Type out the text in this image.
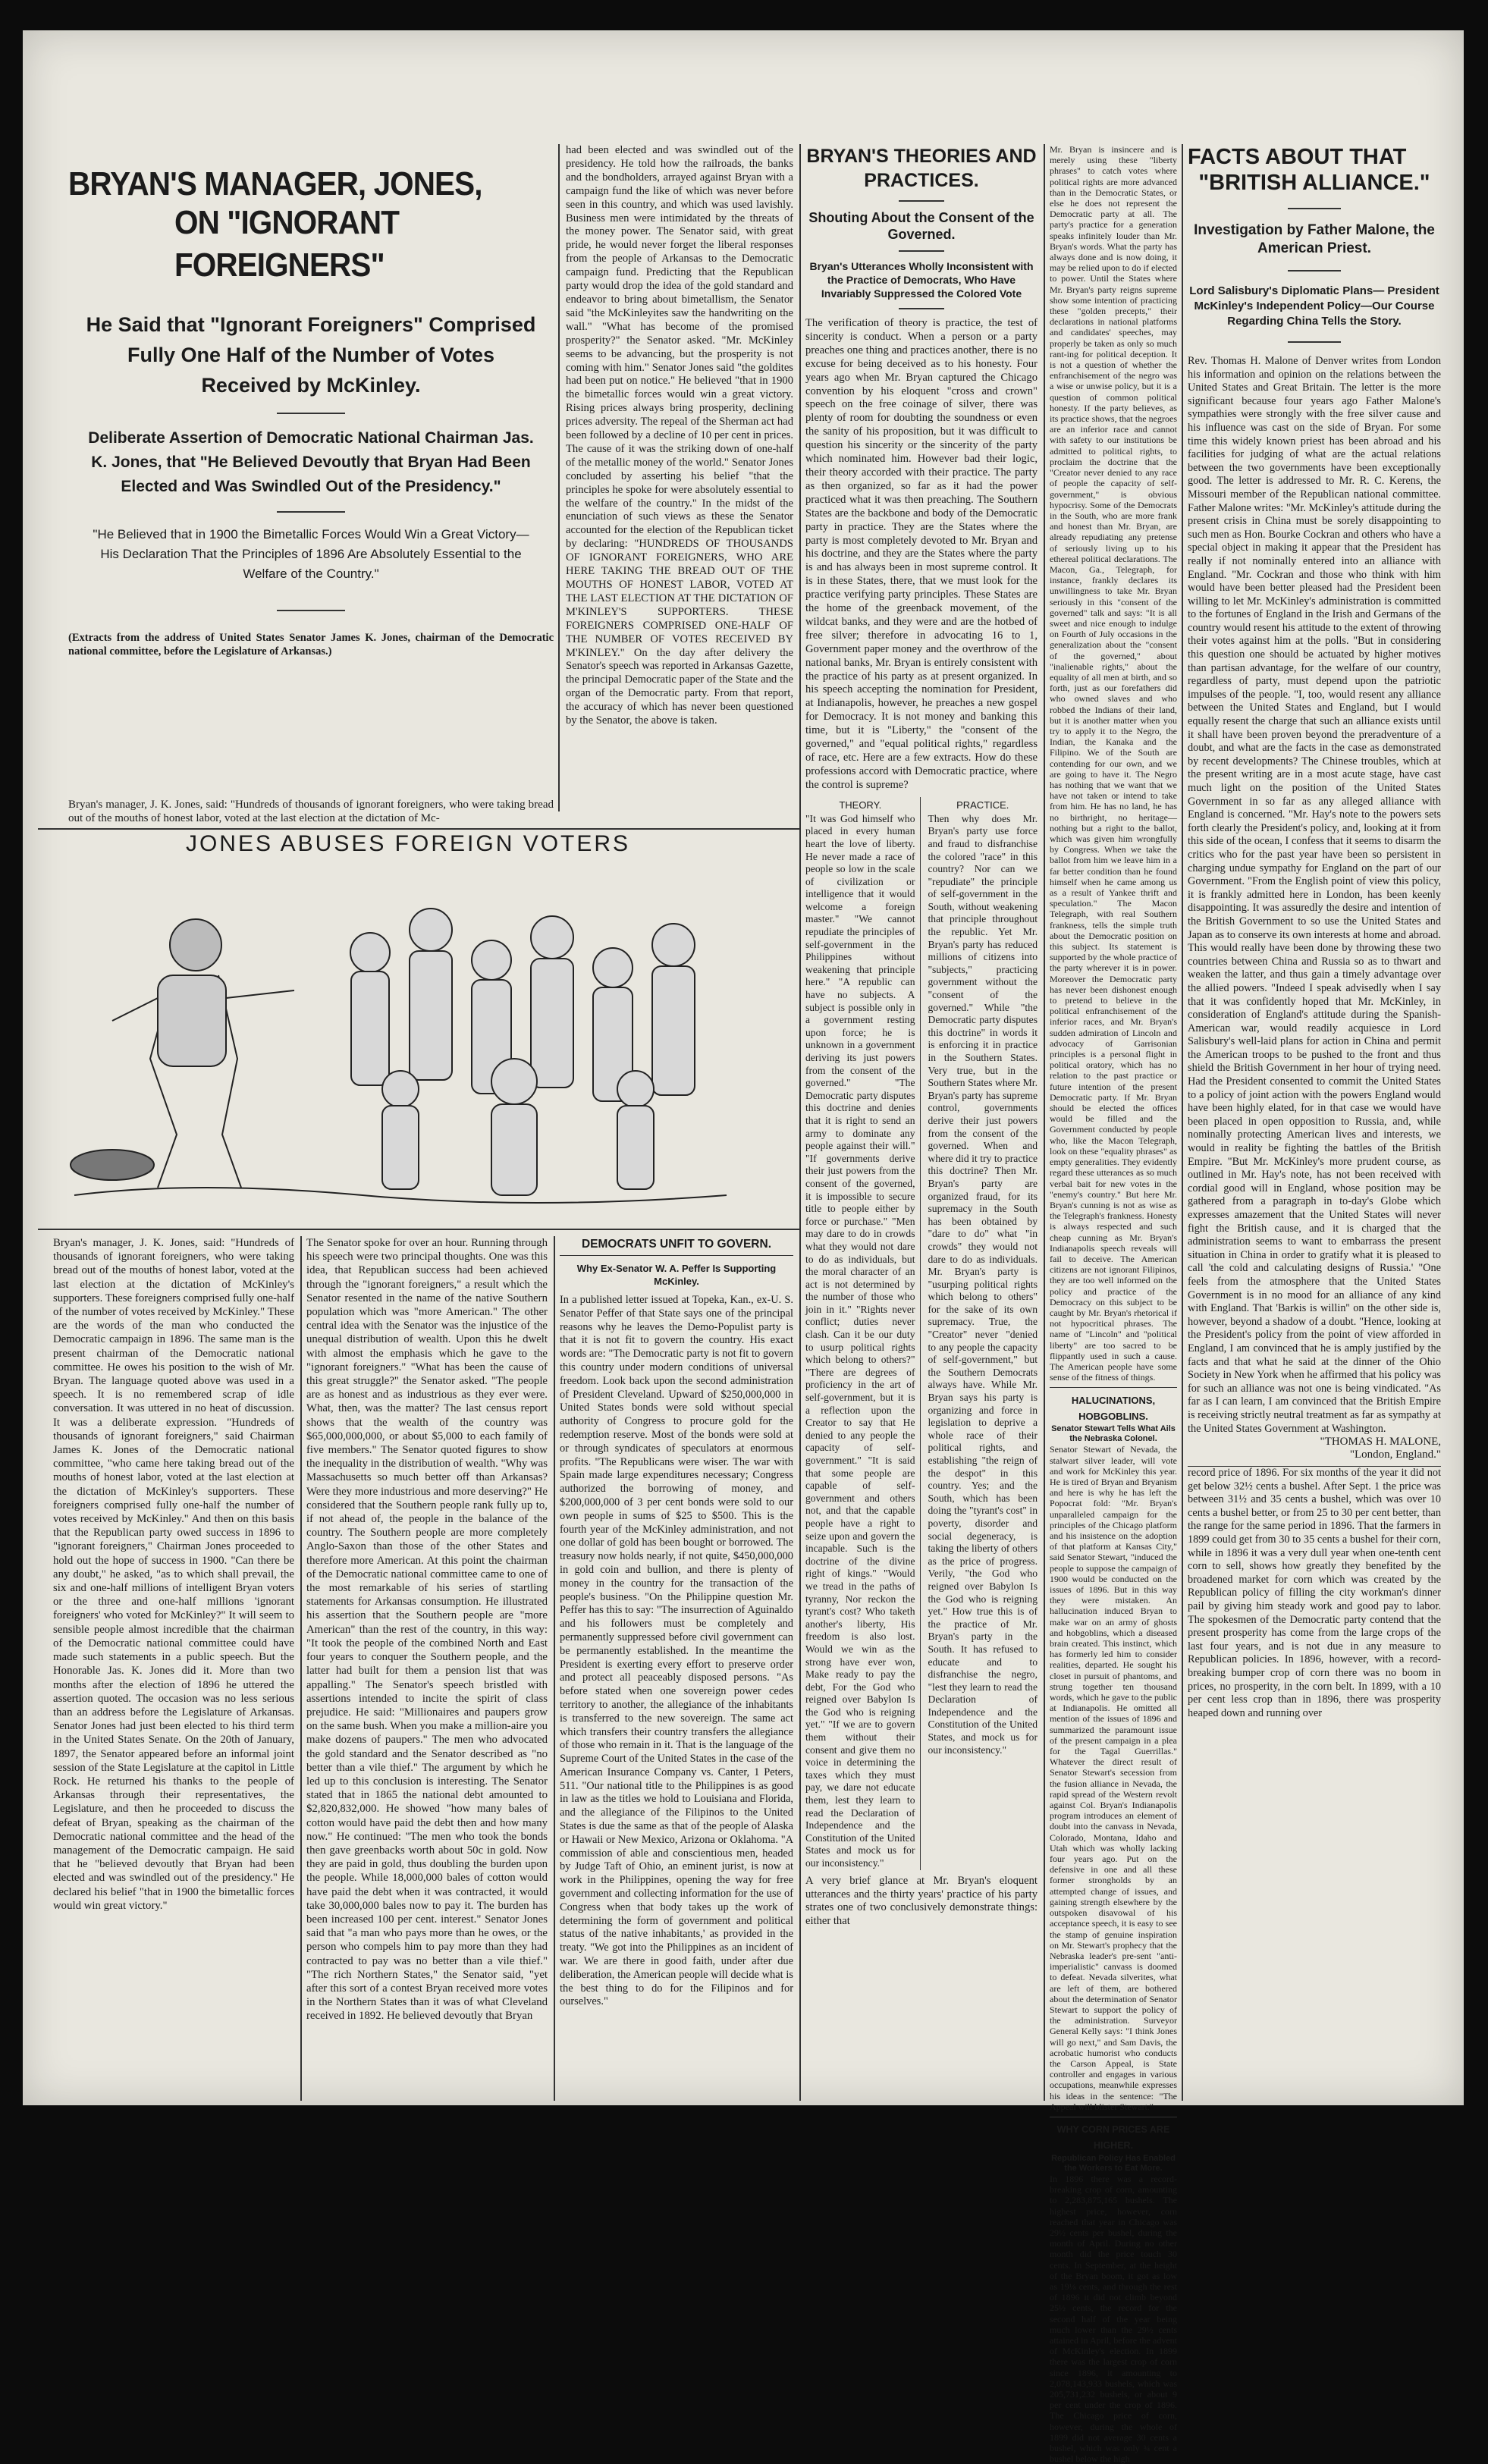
BRYAN'S MANAGER, JONES,
ON "IGNORANT FOREIGNERS"

He Said that "Ignorant Foreigners" Comprised Fully One Half of the Number of Votes Received by McKinley.

Deliberate Assertion of Democratic National Chairman Jas. K. Jones, that "He Believed Devoutly that Bryan Had Been Elected and Was Swindled Out of the Presidency."

"He Believed that in 1900 the Bimetallic Forces Would Win a Great Victory— His Declaration That the Principles of 1896 Are Absolutely Essential to the Welfare of the Country."

(Extracts from the address of United States Senator James K. Jones, chairman of the Democratic national committee, before the Legislature of Arkansas.)

Bryan's manager, J. K. Jones, said: "Hundreds of thousands of ignorant foreigners, who were taking bread out of the mouths of honest labor, voted at the last election at the dictation of Mc-

had been elected and was swindled out of the presidency. He told how the railroads, the banks and the bondholders, arrayed against Bryan with a campaign fund the like of which was never before seen in this country, and which was used lavishly. Business men were intimidated by the threats of the money power. The Senator said, with great pride, he would never forget the liberal responses from the people of Arkansas to the Democratic campaign fund. Predicting that the Republican party would drop the idea of the gold standard and endeavor to bring about bimetallism, the Senator said "the McKinleyites saw the handwriting on the wall." "What has become of the promised prosperity?" the Senator asked. "Mr. McKinley seems to be advancing, but the prosperity is not coming with him." Senator Jones said "the goldites had been put on notice." He believed "that in 1900 the bimetallic forces would win a great victory. Rising prices always bring prosperity, declining prices adversity. The repeal of the Sherman act had been followed by a decline of 10 per cent in prices. The cause of it was the striking down of one-half of the metallic money of the world." Senator Jones concluded by asserting his belief "that the principles he spoke for were absolutely essential to the welfare of the country." In the midst of the enunciation of such views as these the Senator accounted for the election of the Republican ticket by declaring: "HUNDREDS OF THOUSANDS OF IGNORANT FOREIGNERS, WHO ARE HERE TAKING THE BREAD OUT OF THE MOUTHS OF HONEST LABOR, VOTED AT THE LAST ELECTION AT THE DICTATION OF M'KINLEY'S SUPPORTERS. THESE FOREIGNERS COMPRISED ONE-HALF OF THE NUMBER OF VOTES RECEIVED BY M'KINLEY." On the day after delivery the Senator's speech was reported in Arkansas Gazette, the principal Democratic paper of the State and the organ of the Democratic party. From that report, the accuracy of which has never been questioned by the Senator, the above is taken.

JONES ABUSES FOREIGN VOTERS

Bryan's manager, J. K. Jones, said: "Hundreds of thousands of ignorant foreigners, who were taking bread out of the mouths of honest labor, voted at the last election at the dictation of McKinley's supporters. These foreigners comprised fully one-half of the number of votes received by McKinley." These are the words of the man who conducted the Democratic campaign in 1896. The same man is the present chairman of the Democratic national committee. He owes his position to the wish of Mr. Bryan. The language quoted above was used in a speech. It is no remembered scrap of idle conversation. It was uttered in no heat of discussion. It was a deliberate expression. "Hundreds of thousands of ignorant foreigners," said Chairman James K. Jones of the Democratic national committee, "who came here taking bread out of the mouths of honest labor, voted at the last election at the dictation of McKinley's supporters. These foreigners comprised fully one-half the number of votes received by McKinley." And then on this basis that the Republican party owed success in 1896 to "ignorant foreigners," Chairman Jones proceeded to hold out the hope of success in 1900. "Can there be any doubt," he asked, "as to which shall prevail, the six and one-half millions of intelligent Bryan voters or the three and one-half millions 'ignorant foreigners' who voted for McKinley?" It will seem to sensible people almost incredible that the chairman of the Democratic national committee could have made such statements in a public speech. But the Honorable Jas. K. Jones did it. More than two months after the election of 1896 he uttered the assertion quoted. The occasion was no less serious than an address before the Legislature of Arkansas. Senator Jones had just been elected to his third term in the United States Senate. On the 20th of January, 1897, the Senator appeared before an informal joint session of the State Legislature at the capitol in Little Rock. He returned his thanks to the people of Arkansas through their representatives, the Legislature, and then he proceeded to discuss the defeat of Bryan, speaking as the chairman of the Democratic national committee and the head of the management of the Democratic campaign. He said that he "believed devoutly that Bryan had been elected and was swindled out of the presidency." He declared his belief "that in 1900 the bimetallic forces would win great victory."

The Senator spoke for over an hour. Running through his speech were two principal thoughts. One was this idea, that Republican success had been achieved through the "ignorant foreigners," a result which the Senator resented in the name of the native Southern population which was "more American." The other central idea with the Senator was the injustice of the unequal distribution of wealth. Upon this he dwelt with almost the emphasis which he gave to the "ignorant foreigners." "What has been the cause of this great struggle?" the Senator asked. "The people are as honest and as industrious as they ever were. What, then, was the matter? The last census report shows that the wealth of the country was $65,000,000,000, or about $5,000 to each family of five members." The Senator quoted figures to show the inequality in the distribution of wealth. "Why was Massachusetts so much better off than Arkansas? Were they more industrious and more deserving?" He considered that the Southern people rank fully up to, if not ahead of, the people in the balance of the country. The Southern people are more completely Anglo-Saxon than those of the other States and therefore more American. At this point the chairman of the Democratic national committee came to one of the most remarkable of his series of startling statements for Arkansas consumption. He illustrated his assertion that the Southern people are "more American" than the rest of the country, in this way: "It took the people of the combined North and East four years to conquer the Southern people, and the latter had built for them a pension list that was appalling." The Senator's speech bristled with assertions intended to incite the spirit of class prejudice. He said: "Millionaires and paupers grow on the same bush. When you make a million-aire you make dozens of paupers." The men who advocated the gold standard and the Senator described as "no better than a vile thief." The argument by which he led up to this conclusion is interesting. The Senator stated that in 1865 the national debt amounted to $2,820,832,000. He showed "how many bales of cotton would have paid the debt then and how many now." He continued: "The men who took the bonds then gave greenbacks worth about 50c in gold. Now they are paid in gold, thus doubling the burden upon the people. While 18,000,000 bales of cotton would have paid the debt when it was contracted, it would take 30,000,000 bales now to pay it. The burden has been increased 100 per cent. interest." Senator Jones said that "a man who pays more than he owes, or the person who compels him to pay more than they had contracted to pay was no better than a vile thief." "The rich Northern States," the Senator said, "yet after this sort of a contest Bryan received more votes in the Northern States than it was of what Cleveland received in 1892. He believed devoutly that Bryan

DEMOCRATS UNFIT TO GOVERN.

Why Ex-Senator W. A. Peffer Is Supporting McKinley.

In a published letter issued at Topeka, Kan., ex-U. S. Senator Peffer of that State says one of the principal reasons why he leaves the Demo-Populist party is that it is not fit to govern the country. His exact words are: "The Democratic party is not fit to govern this country under modern conditions of universal freedom. Look back upon the second administration of President Cleveland. Upward of $250,000,000 in United States bonds were sold without special authority of Congress to procure gold for the redemption reserve. Most of the bonds were sold at or through syndicates of speculators at enormous profits. "The Republicans were wiser. The war with Spain made large expenditures necessary; Congress authorized the borrowing of money, and $200,000,000 of 3 per cent bonds were sold to our own people in sums of $25 to $500. This is the fourth year of the McKinley administration, and not one dollar of gold has been bought or borrowed. The treasury now holds nearly, if not quite, $450,000,000 in gold coin and bullion, and there is plenty of money in the country for the transaction of the people's business. "On the Philippine question Mr. Peffer has this to say: "The insurrection of Aguinaldo and his followers must be completely and permanently suppressed before civil government can be permanently established. In the meantime the President is exerting every effort to preserve order and protect all peaceably disposed persons. "As before stated when one sovereign power cedes territory to another, the allegiance of the inhabitants is transferred to the new sovereign. The same act which transfers their country transfers the allegiance of those who remain in it. That is the language of the Supreme Court of the United States in the case of the American Insurance Company vs. Canter, 1 Peters, 511. "Our national title to the Philippines is as good in law as the titles we hold to Louisiana and Florida, and the allegiance of the Filipinos to the United States is due the same as that of the people of Alaska or Hawaii or New Mexico, Arizona or Oklahoma. "A commission of able and conscientious men, headed by Judge Taft of Ohio, an eminent jurist, is now at work in the Philippines, opening the way for free government and collecting information for the use of Congress when that body takes up the work of determining the form of government and political status of the native inhabitants,' as provided in the treaty. "We got into the Philippines as an incident of war. We are there in good faith, under after due deliberation, the American people will decide what is the best thing to do for the Filipinos and for ourselves."

BRYAN'S THEORIES AND PRACTICES.

Shouting About the Consent of the Governed.

Bryan's Utterances Wholly Inconsistent with the Practice of Democrats, Who Have Invariably Suppressed the Colored Vote

The verification of theory is practice, the test of sincerity is conduct. When a person or a party preaches one thing and practices another, there is no excuse for being deceived as to his honesty. Four years ago when Mr. Bryan captured the Chicago convention by his eloquent "cross and crown" speech on the free coinage of silver, there was plenty of room for doubting the soundness or even the sanity of his proposition, but it was difficult to question his sincerity or the sincerity of the party which nominated him. However bad their logic, their theory accorded with their practice. The party as then organized, so far as it had the power practiced what it was then preaching. The Southern States are the backbone and body of the Democratic party in practice. They are the States where the party is most completely devoted to Mr. Bryan and his doctrine, and they are the States where the party is and has always been in most supreme control. It is in these States, there, that we must look for the practice verifying party principles. These States are the home of the greenback movement, of the wildcat banks, and they were and are the hotbed of free silver; therefore in advocating 16 to 1, Government paper money and the overthrow of the national banks, Mr. Bryan is entirely consistent with the practice of his party as at present organized. In his speech accepting the nomination for President, at Indianapolis, however, he preaches a new gospel for Democracy. It is not money and banking this time, but it is "Liberty," the "consent of the governed," and "equal political rights," regardless of race, etc. Here are a few extracts. How do these professions accord with Democratic practice, where the control is supreme?

THEORY.

"It was God himself who placed in every human heart the love of liberty. He never made a race of people so low in the scale of civilization or intelligence that it would welcome a foreign master." "We cannot repudiate the principles of self-government in the Philippines without weakening that principle here." "A republic can have no subjects. A subject is possible only in a government resting upon force; he is unknown in a government deriving its just powers from the consent of the governed." "The Democratic party disputes this doctrine and denies that it is right to send an army to dominate any people against their will." "If governments derive their just powers from the consent of the governed, it is impossible to secure title to people either by force or purchase." "Men may dare to do in crowds what they would not dare to do as individuals, but the moral character of an act is not determined by the number of those who join in it." "Rights never conflict; duties never clash. Can it be our duty to usurp political rights which belong to others?" "There are degrees of proficiency in the art of self-government, but it is a reflection upon the Creator to say that He denied to any people the capacity of self-government." "It is said that some people are capable of self-government and others not, and that the capable people have a right to seize upon and govern the incapable. Such is the doctrine of the divine right of kings." "Would we tread in the paths of tyranny, Nor reckon the tyrant's cost? Who taketh another's liberty, His freedom is also lost. Would we win as the strong have ever won, Make ready to pay the debt, For the God who reigned over Babylon Is the God who is reigning yet." "If we are to govern them without their consent and give them no voice in determining the taxes which they must pay, we dare not educate them, lest they learn to read the Declaration of Independence and the Constitution of the United States and mock us for our inconsistency."

PRACTICE.

Then why does Mr. Bryan's party use force and fraud to disfranchise the colored "race" in this country? Nor can we "repudiate" the principle of self-government in the South, without weakening that principle throughout the republic. Yet Mr. Bryan's party has reduced millions of citizens into "subjects," practicing government without the "consent of the governed." While "the Democratic party disputes this doctrine" in words it is enforcing it in practice in the Southern States. Very true, but in the Southern States where Mr. Bryan's party has supreme control, governments derive their just powers from the consent of the governed. When and where did it try to practice this doctrine? Then Mr. Bryan's party are organized fraud, for its supremacy in the South has been obtained by "dare to do" what "in crowds" they would not dare to do as individuals. Mr. Bryan's party is "usurping political rights which belong to others" for the sake of its own supremacy. True, the "Creator" never "denied to any people the capacity of self-government," but the Southern Democrats always have. While Mr. Bryan says his party is organizing and force in legislation to deprive a whole race of their political rights, and establishing "the reign of the despot" in this country. Yes; and the South, which has been doing the "tyrant's cost" in poverty, disorder and social degeneracy, is taking the liberty of others as the price of progress. Verily, "the God who reigned over Babylon Is the God who is reigning yet." How true this is of the practice of Mr. Bryan's party in the South. It has refused to educate and to disfranchise the negro, "lest they learn to read the Declaration of Independence and the Constitution of the United States, and mock us for our inconsistency."

A very brief glance at Mr. Bryan's eloquent utterances and the thirty years' practice of his party strates one of two conclusively demonstrate things: either that

Mr. Bryan is insincere and is merely using these "liberty phrases" to catch votes where political rights are more advanced than in the Democratic States, or else he does not represent the Democratic party at all. The party's practice for a generation speaks infinitely louder than Mr. Bryan's words. What the party has always done and is now doing, it may be relied upon to do if elected to power. Until the States where Mr. Bryan's party reigns supreme show some intention of practicing these "golden precepts," their declarations in national platforms and candidates' speeches, may properly be taken as only so much rant-ing for political deception. It is not a question of whether the enfranchisement of the negro was a wise or unwise policy, but it is a question of common political honesty. If the party believes, as its practice shows, that the negroes are an inferior race and cannot with safety to our institutions be admitted to political rights, to proclaim the doctrine that the "Creator never denied to any race of people the capacity of self-government," is obvious hypocrisy. Some of the Democrats in the South, who are more frank and honest than Mr. Bryan, are already repudiating any pretense of seriously living up to his ethereal political declarations. The Macon, Ga., Telegraph, for instance, frankly declares its unwillingness to take Mr. Bryan seriously in this "consent of the governed" talk and says: "It is all sweet and nice enough to indulge on Fourth of July occasions in the generalization about the "consent of the governed," about "inalienable rights," about the equality of all men at birth, and so forth, just as our forefathers did who owned slaves and who robbed the Indians of their land, but it is another matter when you try to apply it to the Negro, the Indian, the Kanaka and the Filipino. We of the South are contending for our own, and we are going to have it. The Negro has nothing that we want that we have not taken or intend to take from him. He has no land, he has no birthright, no heritage—nothing but a right to the ballot, which was given him wrongfully by Congress. When we take the ballot from him we leave him in a far better condition than he found himself when he came among us as a result of Yankee thrift and speculation." The Macon Telegraph, with real Southern frankness, tells the simple truth about the Democratic position on this subject. Its statement is supported by the whole practice of the party wherever it is in power. Moreover the Democratic party has never been dishonest enough to pretend to believe in the political enfranchisement of the inferior races, and Mr. Bryan's sudden admiration of Lincoln and advocacy of Garrisonian principles is a personal flight in political oratory, which has no relation to the past practice or future intention of the present Democratic party. If Mr. Bryan should be elected the offices would be filled and the Government conducted by people who, like the Macon Telegraph, look on these "equality phrases" as empty generalities. They evidently regard these utterances as so much verbal bait for new votes in the "enemy's country." But here Mr. Bryan's cunning is not as wise as the Telegraph's frankness. Honesty is always respected and such cheap cunning as Mr. Bryan's Indianapolis speech reveals will fail to deceive. The American citizens are not ignorant Filipinos, they are too well informed on the policy and practice of the Democracy on this subject to be caught by Mr. Bryan's rhetorical if not hypocritical phrases. The name of "Lincoln" and "political liberty" are too sacred to be flippantly used in such a cause. The American people have some sense of the fitness of things.

HALUCINATIONS, HOBGOBLINS.

Senator Stewart Tells What Ails the Nebraska Colonel.

Senator Stewart of Nevada, the stalwart silver leader, will vote and work for McKinley this year. He is tired of Bryan and Bryanism and here is why he has left the Popocrat fold: "Mr. Bryan's unparalleled campaign for the principles of the Chicago platform and his insistence on the adoption of that platform at Kansas City," said Senator Stewart, "induced the people to suppose the campaign of 1900 would be conducted on the issues of 1896. But in this way they were mistaken. An hallucination induced Bryan to make war on an army of ghosts and hobgoblins, which a diseased brain created. This instinct, which has formerly led him to consider realities, departed. He sought his closet in pursuit of phantoms, and strung together ten thousand words, which he gave to the public at Indianapolis. He omitted all mention of the issues of 1896 and summarized the paramount issue of the present campaign in a plea for the Tagal Guerrillas." Whatever the direct result of Senator Stewart's secession from the fusion alliance in Nevada, the rapid spread of the Western revolt against Col. Bryan's Indianapolis program introduces an element of doubt into the canvass in Nevada, Colorado, Montana, Idaho and Utah which was wholly lacking four years ago. Put on the defensive in one and all these former strongholds by an attempted change of issues, and gaining strength elsewhere by the outspoken disavowal of his acceptance speech, it is easy to see the stamp of genuine inspiration on Mr. Stewart's prophecy that the Nebraska leader's pre-sent "anti-imperialistic" canvass is doomed to defeat. Nevada silverites, what are left of them, are bothered about the determination of Senator Stewart to support the policy of the administration. Surveyor General Kelly says: "I think Jones will go next," and Sam Davis, the acrobatic humorist who conducts the Carson Appeal, is State controller and engages in various occupations, meanwhile expresses his ideas in the sentence: "The Appeal will blister Stewart."

WHY CORN PRICES ARE HIGHER.

Republican Policy Has Enabled the Workers to Eat More.

In 1896 there was a record-breaking crop of corn, amounting to 2,283,875,165 bushels. The highest price, however, corn reached that year in Chicago was 29½ cents per bushel, during the month of April. During no other month did the price touch 30 cents. In September, at the height of the Bryan boom, it got as low as 19⅛ cents, and through the rest of 1896 it did not climb beyond 25½ cents, the record for the second half of the year being much lower than the 29½ cents attained in April, before the advent of McKinley's election. In 1899 there was the largest crop of corn since 1896, it amounting to 2,078,143,933 bushels, which was 205,731,232 bushels, or about 9 per cent under the crop of 1896. The Chicago price of corn, however, during the whole of 1899 did not average 30 cents a bushel, which was only ¾ cent a bushel below the high

FACTS ABOUT THAT

"BRITISH ALLIANCE."

Investigation by Father Malone, the American Priest.

Lord Salisbury's Diplomatic Plans— President McKinley's Independent Policy—Our Course Regarding China Tells the Story.

Rev. Thomas H. Malone of Denver writes from London his information and opinion on the relations between the United States and Great Britain. The letter is the more significant because four years ago Father Malone's sympathies were strongly with the free silver cause and his influence was cast on the side of Bryan. For some time this widely known priest has been abroad and his facilities for judging of what are the actual relations between the two governments have been exceptionally good. The letter is addressed to Mr. R. C. Kerens, the Missouri member of the Republican national committee. Father Malone writes: "Mr. McKinley's attitude during the present crisis in China must be sorely disappointing to such men as Hon. Bourke Cockran and others who have a special object in making it appear that the President has really if not nominally entered into an alliance with England. "Mr. Cockran and those who think with him would have been better pleased had the President been willing to let Mr. McKinley's administration is committed to the fortunes of England in the Irish and Germans of the country would resent his attitude to the extent of throwing their votes against him at the polls. "But in considering this question one should be actuated by higher motives than partisan advantage, for the welfare of our country, regardless of party, must depend upon the patriotic impulses of the people. "I, too, would resent any alliance between the United States and England, but I would equally resent the charge that such an alliance exists until it shall have been proven beyond the preradventure of a doubt, and what are the facts in the case as demonstrated by recent developments? The Chinese troubles, which at the present writing are in a most acute stage, have cast much light on the position of the United States Government in so far as any alleged alliance with England is concerned. "Mr. Hay's note to the powers sets forth clearly the President's policy, and, looking at it from this side of the ocean, I confess that it seems to disarm the critics who for the past year have been so persistent in charging undue sympathy for England on the part of our Government. "From the English point of view this policy, it is frankly admitted here in London, has been keenly disappointing. It was assuredly the desire and intention of the British Government to so use the United States and Japan as to conserve its own interests at home and abroad. This would really have been done by throwing these two countries between China and Russia so as to thwart and weaken the latter, and thus gain a timely advantage over the allied powers. "Indeed I speak advisedly when I say that it was confidently hoped that Mr. McKinley, in consideration of England's attitude during the Spanish-American war, would readily acquiesce in Lord Salisbury's well-laid plans for action in China and permit the American troops to be pushed to the front and thus shield the British Government in her hour of trying need. Had the President consented to commit the United States to a policy of joint action with the powers England would have been highly elated, for in that case we would have been placed in open opposition to Russia, and, while nominally protecting American lives and interests, we would in reality be fighting the battles of the British Empire. "But Mr. McKinley's more prudent course, as outlined in Mr. Hay's note, has not been received with cordial good will in England, whose position may be gathered from a paragraph in to-day's Globe which expresses amazement that the United States will never fight the British cause, and it is charged that the administration seems to want to embarrass the present situation in China in order to gratify what it is pleased to call 'the cold and calculating designs of Russia.' "One feels from the atmosphere that the United States Government is in no mood for an alliance of any kind with England. That 'Barkis is willin'' on the other side is, however, beyond a shadow of a doubt. "Hence, looking at the President's policy from the point of view afforded in England, I am convinced that he is amply justified by the facts and that what he said at the dinner of the Ohio Society in New York when he affirmed that his policy was for such an alliance was not one is being vindicated. "As far as I can learn, I am convinced that the British Empire is receiving strictly neutral treatment as far as sympathy at the United States Government at Washington.

"THOMAS H. MALONE,

"London, England."

record price of 1896. For six months of the year it did not get below 32½ cents a bushel. After Sept. 1 the price was between 31½ and 35 cents a bushel, which was over 10 cents a bushel better, or from 25 to 30 per cent better, than the range for the same period in 1896. That the farmers in 1899 could get from 30 to 35 cents a bushel for their corn, while in 1896 it was a very dull year when one-tenth cent corn to sell, shows how greatly they benefited by the broadened market for corn which was created by the Republican policy of filling the city workman's dinner pail by giving him steady work and good pay to labor. The spokesmen of the Democratic party contend that the present prosperity has come from the large crops of the last four years, and is not due in any measure to Republican policies. In 1896, however, with a record-breaking bumper crop of corn there was no boom in prices, no prosperity, in the corn belt. In 1899, with a 10 per cent less crop than in 1896, there was prosperity heaped down and running over
